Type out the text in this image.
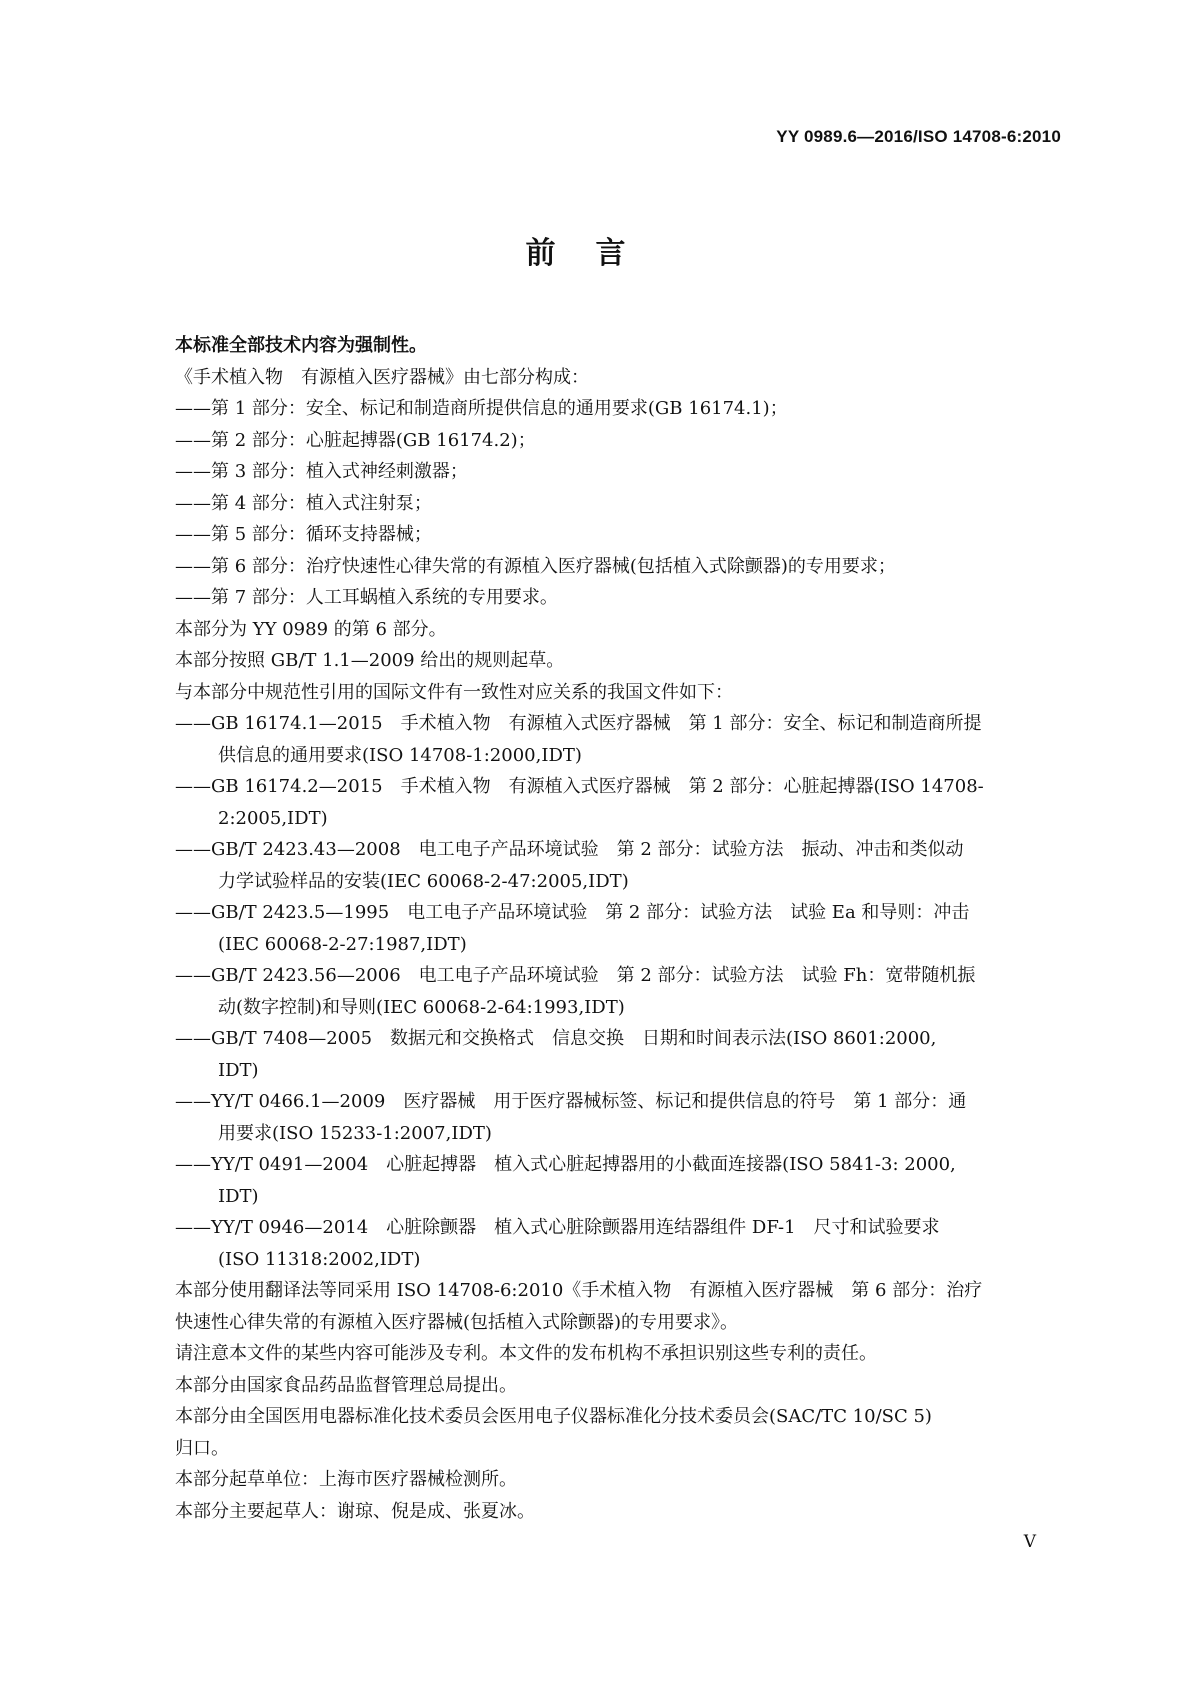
YY 0989.6—2016/ISO 14708-6:2010
前言

本标准全部技术内容为强制性。

《手术植入物　有源植入医疗器械》由七部分构成：

——第 1 部分：安全、标记和制造商所提供信息的通用要求(GB 16174.1)；

——第 2 部分：心脏起搏器(GB 16174.2)；

——第 3 部分：植入式神经刺激器；

——第 4 部分：植入式注射泵；

——第 5 部分：循环支持器械；

——第 6 部分：治疗快速性心律失常的有源植入医疗器械(包括植入式除颤器)的专用要求；

——第 7 部分：人工耳蜗植入系统的专用要求。

本部分为 YY 0989 的第 6 部分。

本部分按照 GB/T 1.1—2009 给出的规则起草。

与本部分中规范性引用的国际文件有一致性对应关系的我国文件如下：

——GB 16174.1—2015　手术植入物　有源植入式医疗器械　第 1 部分：安全、标记和制造商所提

供信息的通用要求(ISO 14708-1:2000,IDT)

——GB 16174.2—2015　手术植入物　有源植入式医疗器械　第 2 部分：心脏起搏器(ISO 14708-

2:2005,IDT)

——GB/T 2423.43—2008　电工电子产品环境试验　第 2 部分：试验方法　振动、冲击和类似动

力学试验样品的安装(IEC 60068-2-47:2005,IDT)

——GB/T 2423.5—1995　电工电子产品环境试验　第 2 部分：试验方法　试验 Ea 和导则：冲击

(IEC 60068-2-27:1987,IDT)

——GB/T 2423.56—2006　电工电子产品环境试验　第 2 部分：试验方法　试验 Fh：宽带随机振

动(数字控制)和导则(IEC 60068-2-64:1993,IDT)

——GB/T 7408—2005　数据元和交换格式　信息交换　日期和时间表示法(ISO 8601:2000,

IDT)

——YY/T 0466.1—2009　医疗器械　用于医疗器械标签、标记和提供信息的符号　第 1 部分：通

用要求(ISO 15233-1:2007,IDT)

——YY/T 0491—2004　心脏起搏器　植入式心脏起搏器用的小截面连接器(ISO 5841-3: 2000,

IDT)

——YY/T 0946—2014　心脏除颤器　植入式心脏除颤器用连结器组件 DF-1　尺寸和试验要求

(ISO 11318:2002,IDT)

本部分使用翻译法等同采用 ISO 14708-6:2010《手术植入物　有源植入医疗器械　第 6 部分：治疗

快速性心律失常的有源植入医疗器械(包括植入式除颤器)的专用要求》。

请注意本文件的某些内容可能涉及专利。本文件的发布机构不承担识别这些专利的责任。

本部分由国家食品药品监督管理总局提出。

本部分由全国医用电器标准化技术委员会医用电子仪器标准化分技术委员会(SAC/TC 10/SC 5)

归口。

本部分起草单位：上海市医疗器械检测所。

本部分主要起草人：谢琼、倪是成、张夏冰。

V
